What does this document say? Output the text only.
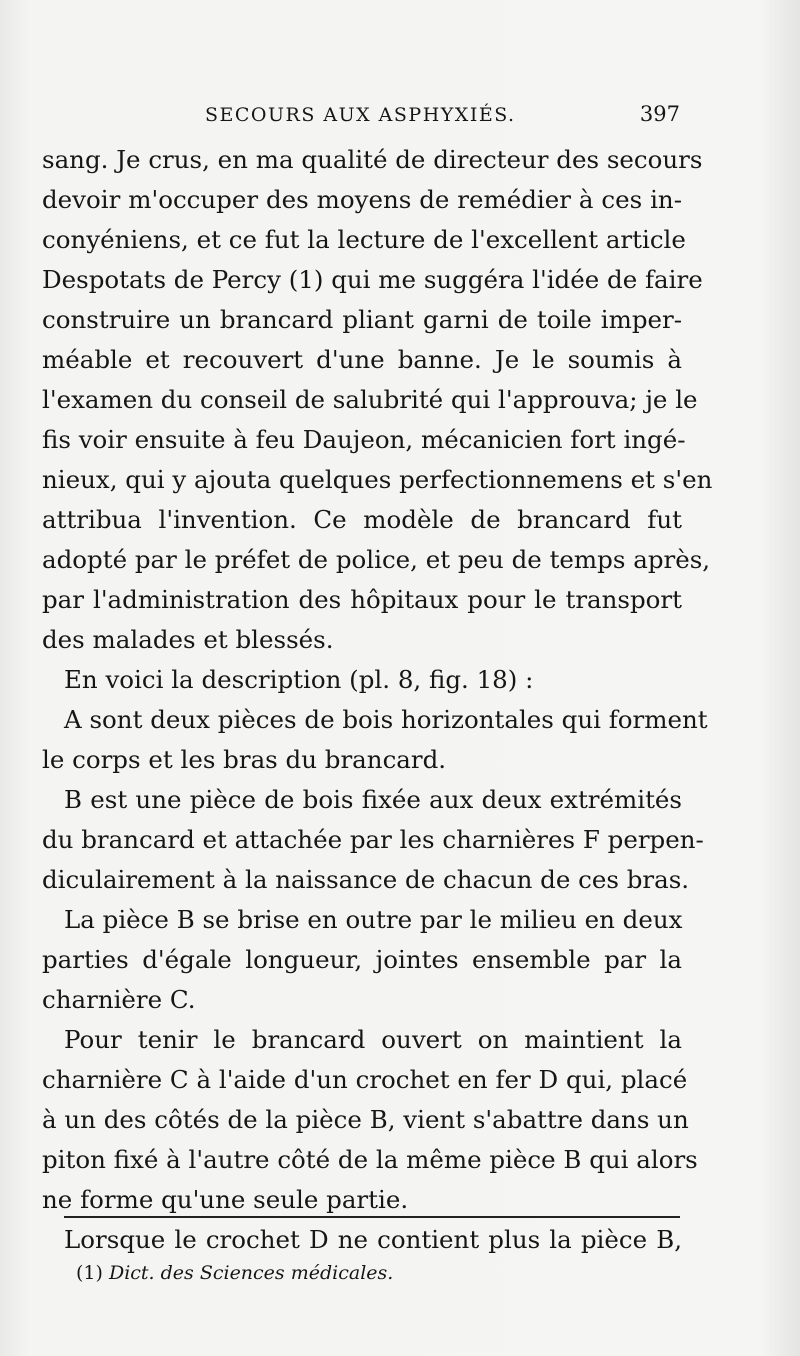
SECOURS AUX ASPHYXIÉS.	397
sang. Je crus, en ma qualité de directeur des secours
devoir m'occuper des moyens de remédier à ces in-
conyéniens, et ce fut la lecture de l'excellent article
Despotats de Percy (1) qui me suggéra l'idée de faire
construire un brancard pliant garni de toile imper-
méable et recouvert d'une banne. Je le soumis à
l'examen du conseil de salubrité qui l'approuva; je le
fis voir ensuite à feu Daujeon, mécanicien fort ingé-
nieux, qui y ajouta quelques perfectionnemens et s'en
attribua l'invention. Ce modèle de brancard fut
adopté par le préfet de police, et peu de temps après,
par l'administration des hôpitaux pour le transport
des malades et blessés.
En voici la description (pl. 8, fig. 18) :
A sont deux pièces de bois horizontales qui forment
le corps et les bras du brancard.
B est une pièce de bois fixée aux deux extrémités
du brancard et attachée par les charnières F perpen-
diculairement à la naissance de chacun de ces bras.
La pièce B se brise en outre par le milieu en deux
parties d'égale longueur, jointes ensemble par la
charnière C.
Pour tenir le brancard ouvert on maintient la
charnière C à l'aide d'un crochet en fer D qui, placé
à un des côtés de la pièce B, vient s'abattre dans un
piton fixé à l'autre côté de la même pièce B qui alors
ne forme qu'une seule partie.
Lorsque le crochet D ne contient plus la pièce B,
(1) Dict. des Sciences médicales.
